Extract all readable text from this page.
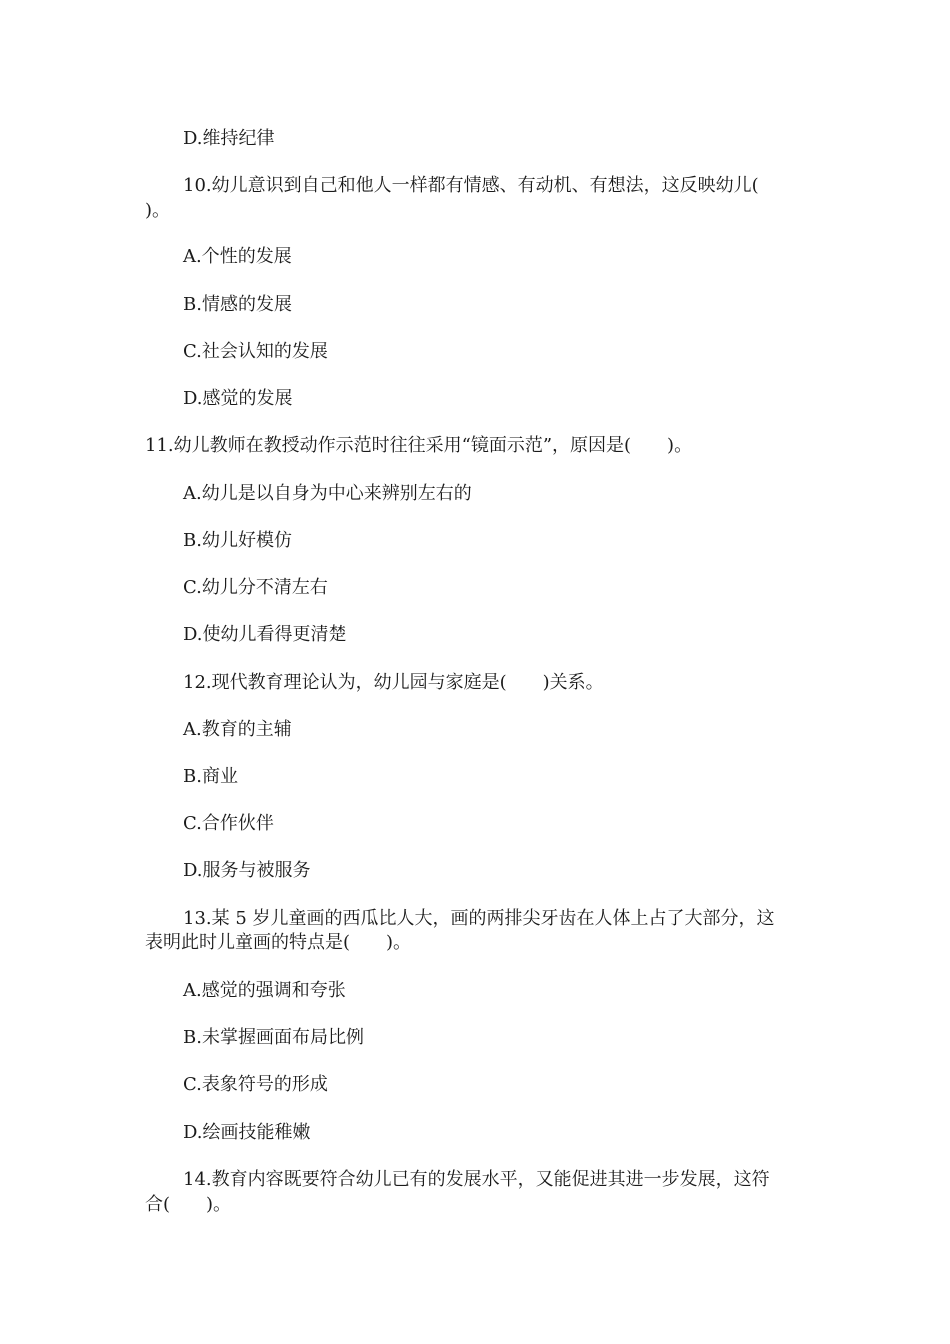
D.维持纪律
10.幼儿意识到自己和他人一样都有情感、有动机、有想法，这反映幼儿(
)。
A.个性的发展
B.情感的发展
C.社会认知的发展
D.感觉的发展
11.幼儿教师在教授动作示范时往往采用“镜面示范”，原因是(　　)。
A.幼儿是以自身为中心来辨别左右的
B.幼儿好模仿
C.幼儿分不清左右
D.使幼儿看得更清楚
12.现代教育理论认为，幼儿园与家庭是(　　)关系。
A.教育的主辅
B.商业
C.合作伙伴
D.服务与被服务
13.某 5 岁儿童画的西瓜比人大，画的两排尖牙齿在人体上占了大部分，这
表明此时儿童画的特点是(　　)。
A.感觉的强调和夸张
B.未掌握画面布局比例
C.表象符号的形成
D.绘画技能稚嫩
14.教育内容既要符合幼儿已有的发展水平，又能促进其进一步发展，这符
合(　　)。
